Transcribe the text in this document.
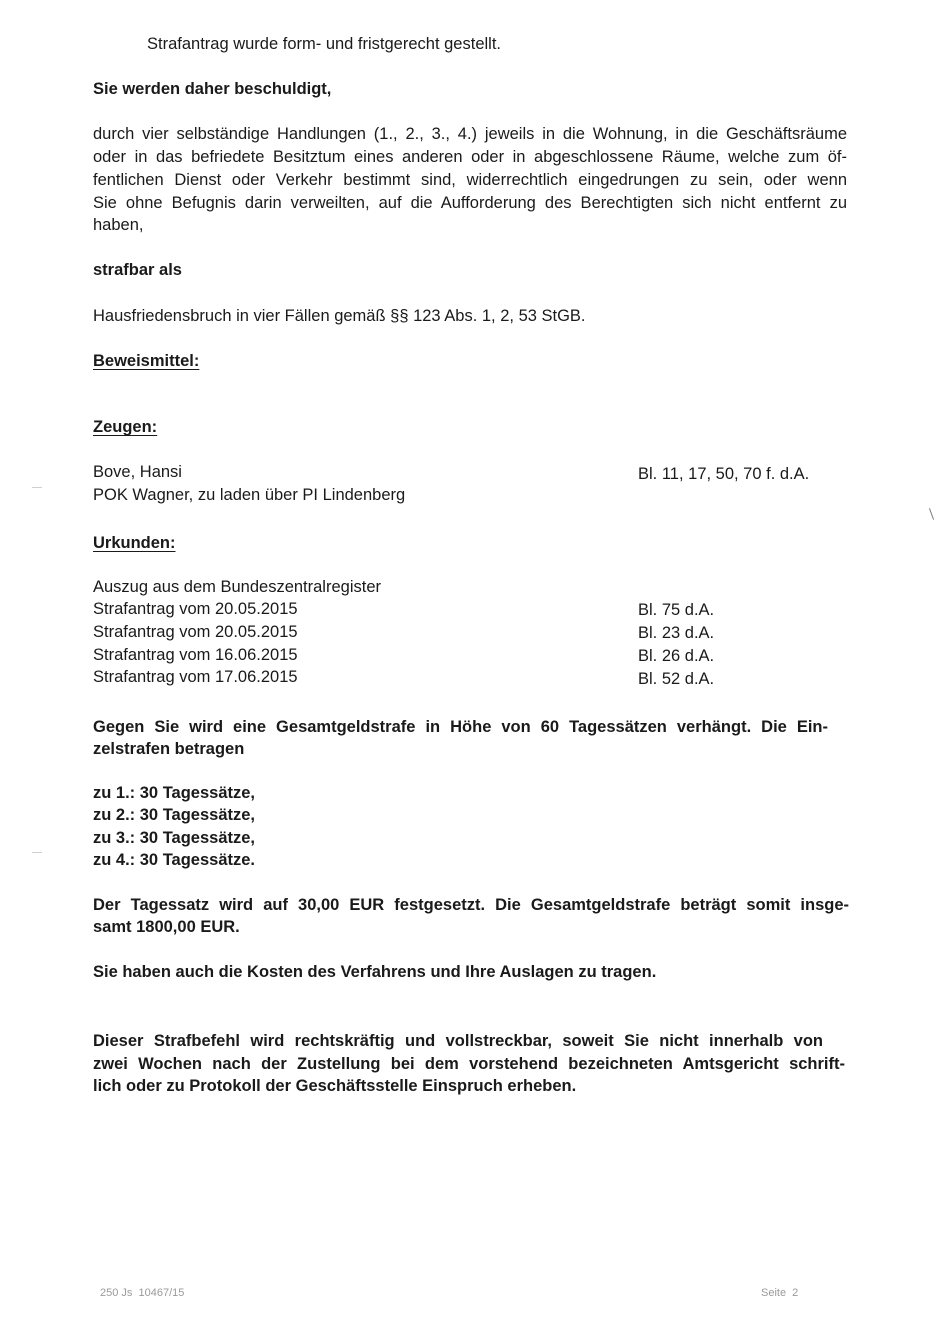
Strafantrag wurde form- und fristgerecht gestellt.

Sie werden daher beschuldigt,

durch vier selbständige Handlungen (1., 2., 3., 4.) jeweils in die Wohnung, in die Geschäftsräume
oder in das befriedete Besitztum eines anderen oder in abgeschlossene Räume, welche zum öf-
fentlichen Dienst oder Verkehr bestimmt sind, widerrechtlich eingedrungen zu sein, oder wenn
Sie ohne Befugnis darin verweilten, auf die Aufforderung des Berechtigten sich nicht entfernt zu

haben,

strafbar als

Hausfriedensbruch in vier Fällen gemäß §§ 123 Abs. 1, 2, 53 StGB.

Beweismittel:

Zeugen:

Bove, Hansi	Bl. 11, 17, 50, 70 f. d.A.

POK Wagner, zu laden über PI Lindenberg

Urkunden:

Auszug aus dem Bundeszentralregister

Strafantrag vom 20.05.2015	Bl. 75 d.A.

Strafantrag vom 20.05.2015	Bl. 23 d.A.

Strafantrag vom 16.06.2015	Bl. 26 d.A.

Strafantrag vom 17.06.2015	Bl. 52 d.A.
Gegen Sie wird eine Gesamtgeldstrafe in Höhe von 60 Tagessätzen verhängt. Die Ein-

zelstrafen betragen

zu 1.: 30 Tagessätze,

zu 2.: 30 Tagessätze,

zu 3.: 30 Tagessätze,

zu 4.: 30 Tagessätze.

Der Tagessatz wird auf 30,00 EUR festgesetzt. Die Gesamtgeldstrafe beträgt somit insge-

samt 1800,00 EUR.

Sie haben auch die Kosten des Verfahrens und Ihre Auslagen zu tragen.

Dieser Strafbefehl wird rechtskräftig und vollstreckbar, soweit Sie nicht innerhalb von
zwei Wochen nach der Zustellung bei dem vorstehend bezeichneten Amtsgericht schrift-

lich oder zu Protokoll der Geschäftsstelle Einspruch erheben.

250 Js  10467/15	Seite  2
